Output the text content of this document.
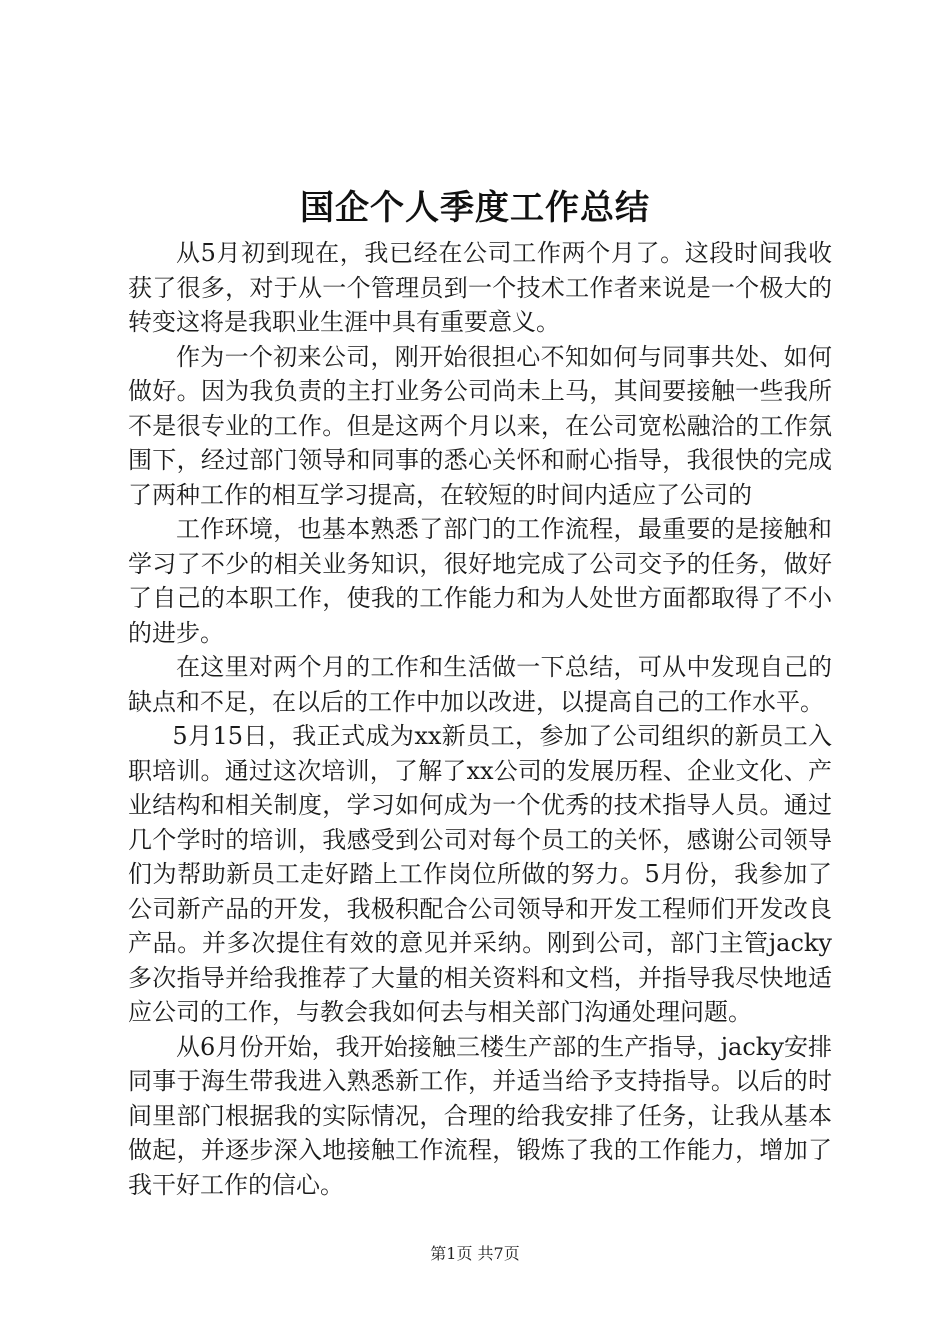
国企个人季度工作总结

从5月初到现在，我已经在公司工作两个月了。这段时间我收获了很多，对于从一个管理员到一个技术工作者来说是一个极大的转变这将是我职业生涯中具有重要意义。

作为一个初来公司，刚开始很担心不知如何与同事共处、如何做好。因为我负责的主打业务公司尚未上马，其间要接触一些我所不是很专业的工作。但是这两个月以来，在公司宽松融洽的工作氛围下，经过部门领导和同事的悉心关怀和耐心指导，我很快的完成了两种工作的相互学习提高，在较短的时间内适应了公司的

工作环境，也基本熟悉了部门的工作流程，最重要的是接触和学习了不少的相关业务知识，很好地完成了公司交予的任务，做好了自己的本职工作，使我的工作能力和为人处世方面都取得了不小的进步。

在这里对两个月的工作和生活做一下总结，可从中发现自己的缺点和不足，在以后的工作中加以改进，以提高自己的工作水平。

5月15日，我正式成为xx新员工，参加了公司组织的新员工入职培训。通过这次培训，了解了xx公司的发展历程、企业文化、产业结构和相关制度，学习如何成为一个优秀的技术指导人员。通过几个学时的培训，我感受到公司对每个员工的关怀，感谢公司领导们为帮助新员工走好踏上工作岗位所做的努力。5月份，我参加了公司新产品的开发，我极积配合公司领导和开发工程师们开发改良产品。并多次提住有效的意见并采纳。刚到公司，部门主管jacky多次指导并给我推荐了大量的相关资料和文档，并指导我尽快地适应公司的工作，与教会我如何去与相关部门沟通处理问题。

从6月份开始，我开始接触三楼生产部的生产指导，jacky安排同事于海生带我进入熟悉新工作，并适当给予支持指导。以后的时间里部门根据我的实际情况，合理的给我安排了任务，让我从基本做起，并逐步深入地接触工作流程，锻炼了我的工作能力，增加了我干好工作的信心。

第1页 共7页
